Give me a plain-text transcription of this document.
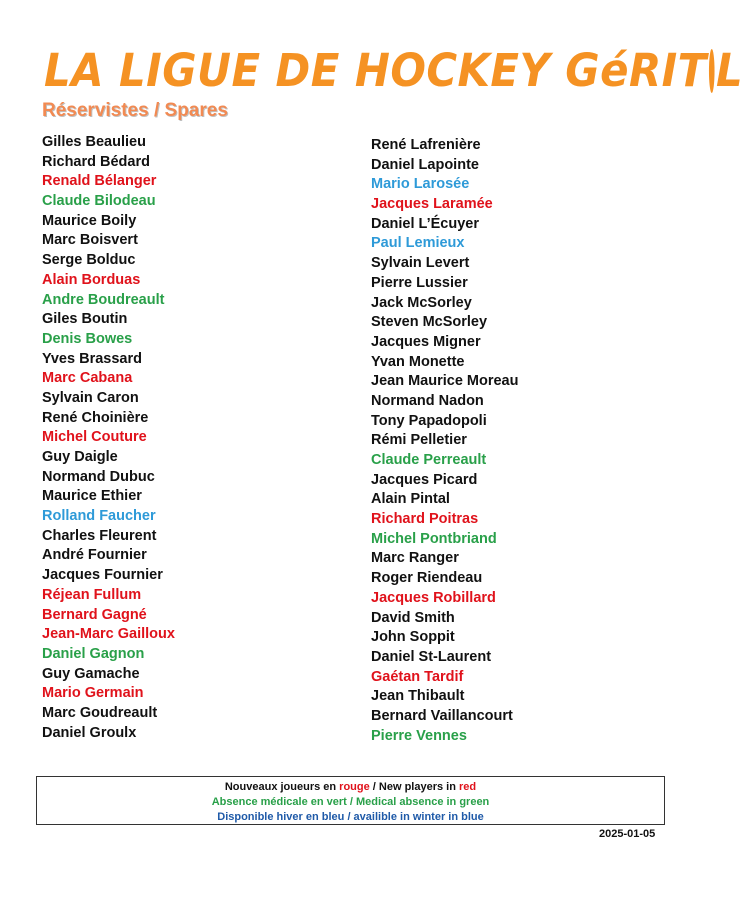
LA LIGUE DE HOCKEY GéRIT L
Réservistes / Spares
Gilles Beaulieu
Richard Bédard
Renald Bélanger
Claude Bilodeau
Maurice Boily
Marc Boisvert
Serge Bolduc
Alain Borduas
Andre Boudreault
Giles Boutin
Denis Bowes
Yves Brassard
Marc Cabana
Sylvain Caron
René Choinière
Michel Couture
Guy Daigle
Normand Dubuc
Maurice Ethier
Rolland Faucher
Charles Fleurent
André Fournier
Jacques Fournier
Réjean Fullum
Bernard Gagné
Jean-Marc Gailloux
Daniel Gagnon
Guy Gamache
Mario Germain
Marc Goudreault
Daniel Groulx
René Lafrenière
Daniel Lapointe
Mario Larosée
Jacques Laramée
Daniel L’Écuyer
Paul Lemieux
Sylvain Levert
Pierre Lussier
Jack McSorley
Steven McSorley
Jacques Migner
Yvan Monette
Jean Maurice Moreau
Normand Nadon
Tony Papadopoli
Rémi Pelletier
Claude Perreault
Jacques Picard
Alain Pintal
Richard Poitras
Michel Pontbriand
Marc Ranger
Roger Riendeau
Jacques Robillard
David Smith
John Soppit
Daniel St-Laurent
Gaétan Tardif
Jean Thibault
Bernard Vaillancourt
Pierre Vennes
Nouveaux joueurs en rouge / New players in red
Absence médicale en vert / Medical absence in green
Disponible hiver en bleu / availible in winter in blue
2025-01-05
